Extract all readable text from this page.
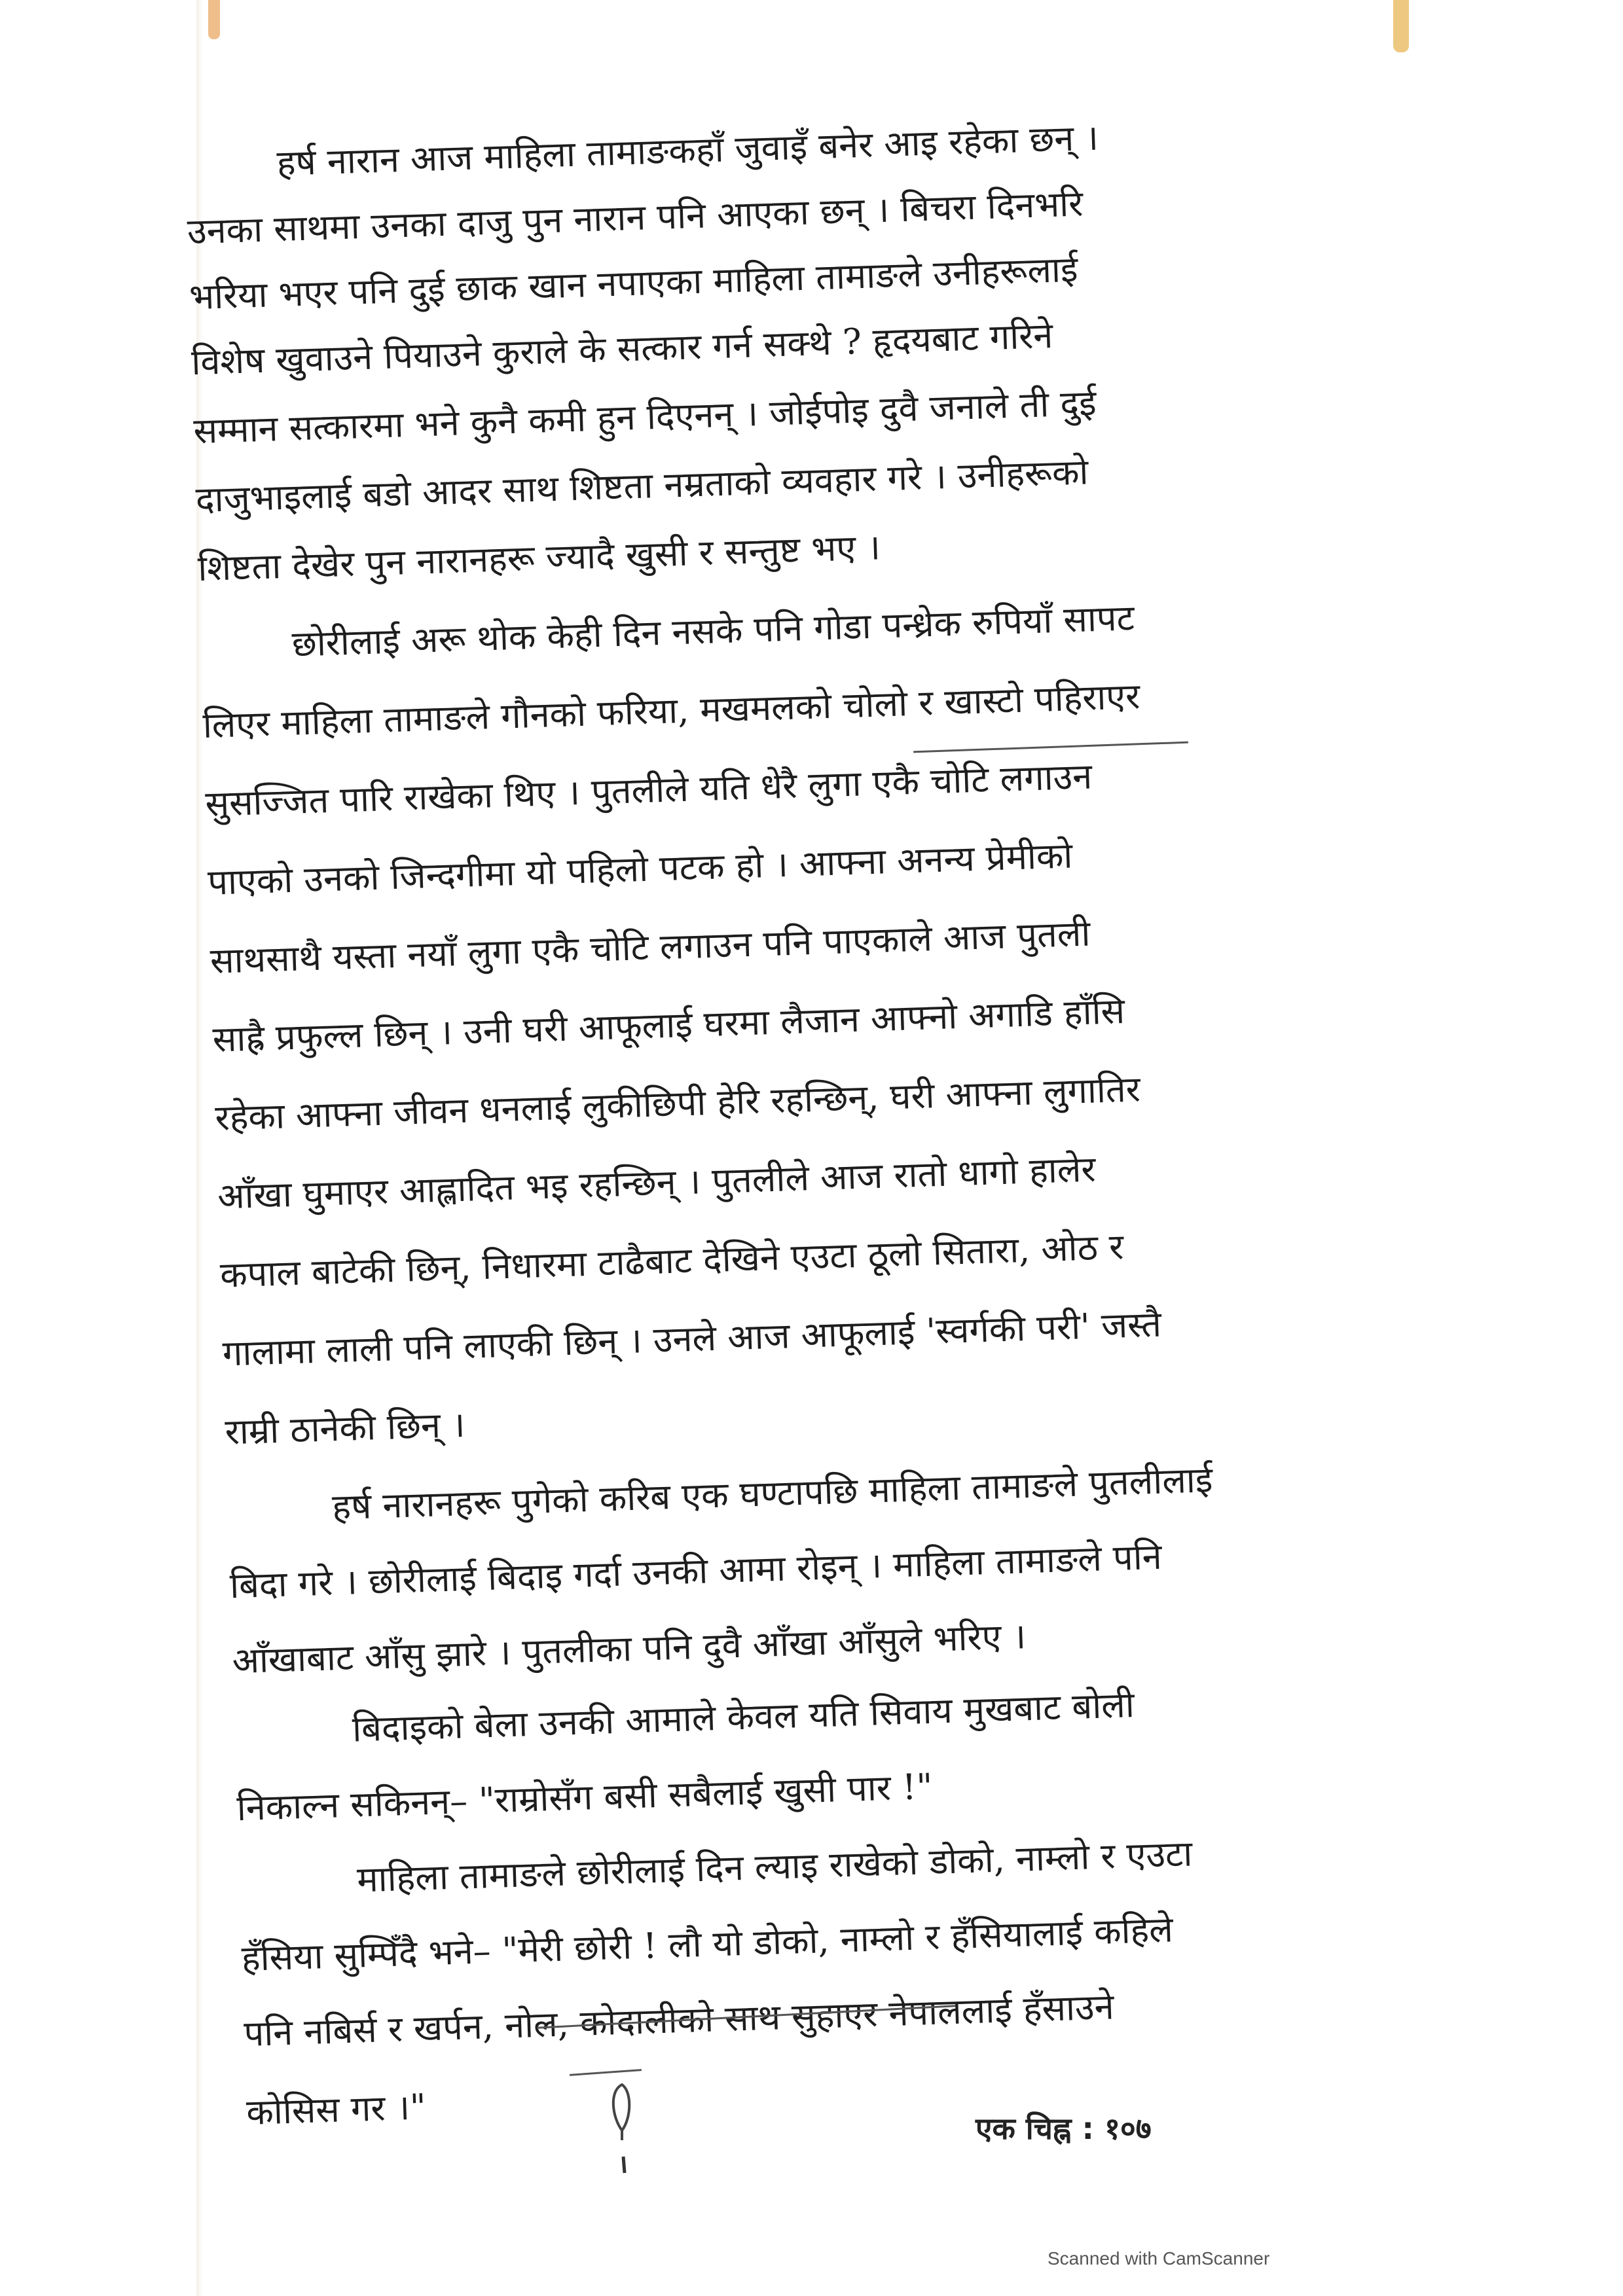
हर्ष नारान आज माहिला तामाङकहाँ जुवाइँ बनेर आइ रहेका छन् ।
उनका साथमा उनका दाजु पुन नारान पनि आएका छन् । बिचरा दिनभरि
भरिया भएर पनि दुई छाक खान नपाएका माहिला तामाङले उनीहरूलाई
विशेष खुवाउने पियाउने कुराले के सत्कार गर्न सक्थे ? हृदयबाट गरिने
सम्मान सत्कारमा भने कुनै कमी हुन दिएनन् । जोईपोइ दुवै जनाले ती दुई
दाजुभाइलाई बडो आदर साथ शिष्टता नम्रताको व्यवहार गरे । उनीहरूको
शिष्टता देखेर पुन नारानहरू ज्यादै खुसी र सन्तुष्ट भए ।
छोरीलाई अरू थोक केही दिन नसके पनि गोडा पन्ध्रेक रुपियाँ सापट
लिएर माहिला तामाङले गौनको फरिया, मखमलको चोलो र खास्टो पहिराएर
सुसज्जित पारि राखेका थिए । पुतलीले यति धेरै लुगा एकै चोटि लगाउन
पाएको उनको जिन्दगीमा यो पहिलो पटक हो । आफ्ना अनन्य प्रेमीको
साथसाथै यस्ता नयाँ लुगा एकै चोटि लगाउन पनि पाएकाले आज पुतली
साह्रै प्रफुल्ल छिन् । उनी घरी आफूलाई घरमा लैजान आफ्नो अगाडि हाँसि
रहेका आफ्ना जीवन धनलाई लुकीछिपी हेरि रहन्छिन्, घरी आफ्ना लुगातिर
आँखा घुमाएर आह्लादित भइ रहन्छिन् । पुतलीले आज रातो धागो हालेर
कपाल बाटेकी छिन्, निधारमा टाढैबाट देखिने एउटा ठूलो सितारा, ओठ र
गालामा लाली पनि लाएकी छिन् । उनले आज आफूलाई 'स्वर्गकी परी' जस्तै
राम्री ठानेकी छिन् ।
हर्ष नारानहरू पुगेको करिब एक घण्टापछि माहिला तामाङले पुतलीलाई
बिदा गरे । छोरीलाई बिदाइ गर्दा उनकी आमा रोइन् । माहिला तामाङले पनि
आँखाबाट आँसु झारे । पुतलीका पनि दुवै आँखा आँसुले भरिए ।
बिदाइको बेला उनकी आमाले केवल यति सिवाय मुखबाट बोली
निकाल्न सकिनन्– "राम्रोसँग बसी सबैलाई खुसी पार !"
माहिला तामाङले छोरीलाई दिन ल्याइ राखेको डोको, नाम्लो र एउटा
हँसिया सुम्पिँदै भने– "मेरी छोरी ! लौ यो डोको, नाम्लो र हँसियालाई कहिले
पनि नबिर्स र खर्पन, नोल, कोदालीको साथ सुहाएर नेपाललाई हँसाउने
कोसिस गर ।"	एक चिह्न : १०७
Scanned with CamScanner
